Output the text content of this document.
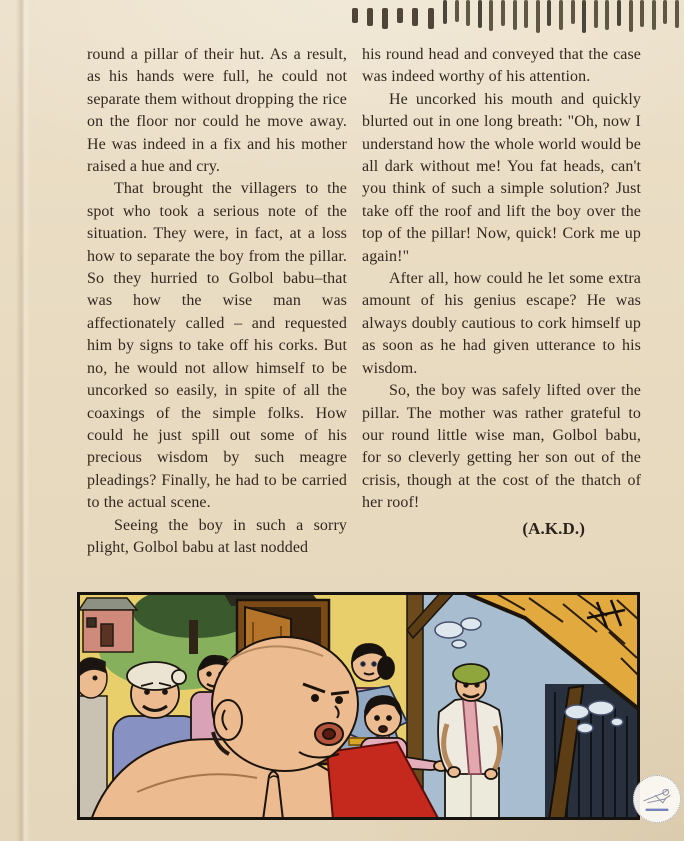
round a pillar of their hut. As a result, as his hands were full, he could not separate them without dropping the rice on the floor nor could he move away. He was indeed in a fix and his mother raised a hue and cry.

That brought the villagers to the spot who took a serious note of the situation. They were, in fact, at a loss how to separate the boy from the pillar. So they hurried to Golbol babu–that was how the wise man was affectionately called – and requested him by signs to take off his corks. But no, he would not allow himself to be uncorked so easily, in spite of all the coaxings of the simple folks. How could he just spill out some of his precious wisdom by such meagre pleadings? Finally, he had to be carried to the actual scene.

Seeing the boy in such a sorry plight, Golbol babu at last nodded

his round head and conveyed that the case was indeed worthy of his attention.

He uncorked his mouth and quickly blurted out in one long breath: "Oh, now I understand how the whole world would be all dark without me! You fat heads, can't you think of such a simple solution? Just take off the roof and lift the boy over the top of the pillar! Now, quick! Cork me up again!"

After all, how could he let some extra amount of his genius escape? He was always doubly cautious to cork himself up as soon as he had given utterance to his wisdom.

So, the boy was safely lifted over the pillar. The mother was rather grateful to our round little wise man, Golbol babu, for so cleverly getting her son out of the crisis, though at the cost of the thatch of her roof!

(A.K.D.)
